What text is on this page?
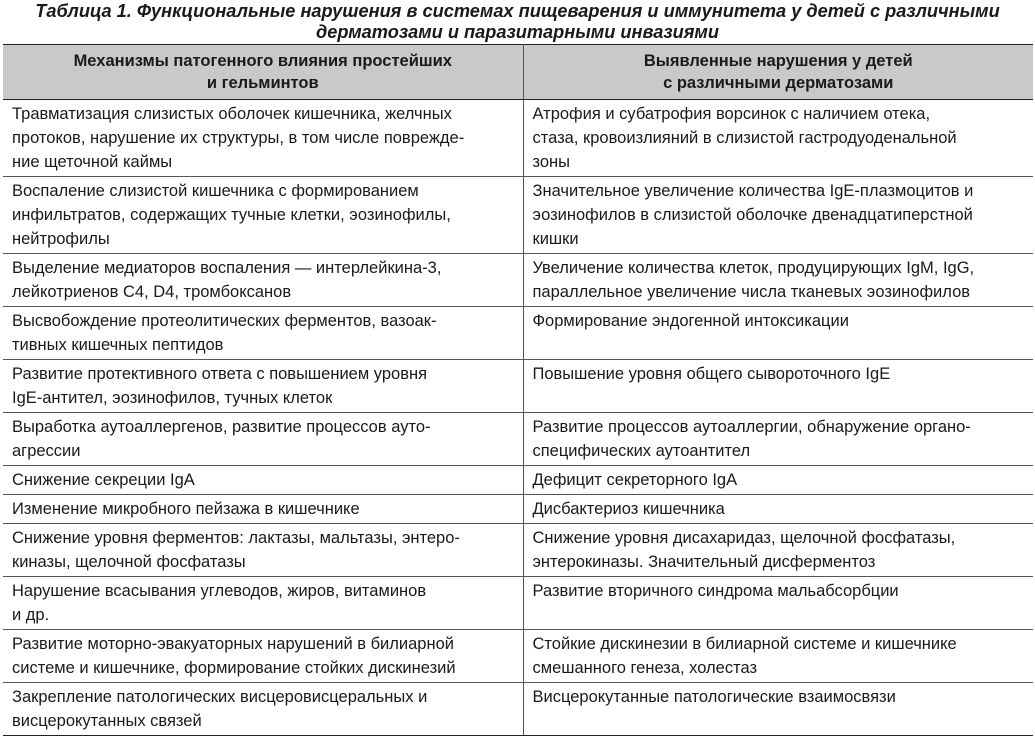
Таблица 1. Функциональные нарушения в системах пищеварения и иммунитета у детей с различными
дерматозами и паразитарными инвазиями
Механизмы патогенного влияния простейших
и гельминтов	Выявленные нарушения у детей
с различными дерматозами

Травматизация слизистых оболочек кишечника, желчных
протоков, нарушение их структуры, в том числе поврежде-
ние щеточной каймы	Атрофия и субатрофия ворсинок с наличием отека,
стаза, кровоизлияний в слизистой гастродуоденальной
зоны

Воспаление слизистой кишечника с формированием
инфильтратов, содержащих тучные клетки, эозинофилы,
нейтрофилы	Значительное увеличение количества IgE-плазмоцитов и
эозинофилов в слизистой оболочке двенадцатиперстной
кишки

Выделение медиаторов воспаления — интерлейкина-3,
лейкотриенов C4, D4, тромбоксанов	Увеличение количества клеток, продуцирующих IgM, IgG,
параллельное увеличение числа тканевых эозинофилов

Высвобождение протеолитических ферментов, вазоак-
тивных кишечных пептидов	Формирование эндогенной интоксикации

Развитие протективного ответа с повышением уровня
IgE-антител, эозинофилов, тучных клеток	Повышение уровня общего сывороточного IgE

Выработка аутоаллергенов, развитие процессов ауто-
агрессии	Развитие процессов аутоаллергии, обнаружение органо-
специфических аутоантител

Снижение секреции IgA	Дефицит секреторного IgA

Изменение микробного пейзажа в кишечнике	Дисбактериоз кишечника

Снижение уровня ферментов: лактазы, мальтазы, энтеро-
киназы, щелочной фосфатазы	Снижение уровня дисахаридаз, щелочной фосфатазы,
энтерокиназы. Значительный дисферментоз

Нарушение всасывания углеводов, жиров, витаминов
и др.	Развитие вторичного синдрома мальабсорбции

Развитие моторно-эвакуаторных нарушений в билиарной
системе и кишечнике, формирование стойких дискинезий	Стойкие дискинезии в билиарной системе и кишечнике
смешанного генеза, холестаз

Закрепление патологических висцеровисцеральных и
висцерокутанных связей	Висцерокутанные патологические взаимосвязи
